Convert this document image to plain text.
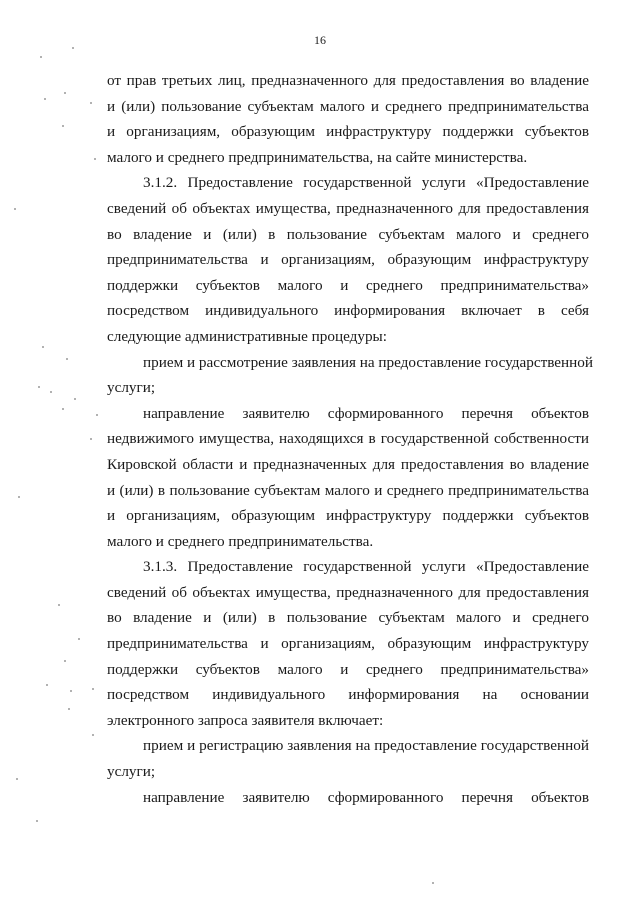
16
от прав третьих лиц, предназначенного для предоставления во владение
и (или) пользование субъектам малого и среднего предпринимательства
и организациям, образующим инфраструктуру поддержки субъектов
малого и среднего предпринимательства, на сайте министерства.
3.1.2. Предоставление государственной услуги «Предоставление
сведений об объектах имущества, предназначенного для предоставления
во владение и (или) в пользование субъектам малого и среднего
предпринимательства и организациям, образующим инфраструктуру
поддержки субъектов малого и среднего предпринимательства»
посредством индивидуального информирования включает в себя
следующие административные процедуры:
прием и рассмотрение заявления на предоставление государственной
услуги;
направление заявителю сформированного перечня объектов
недвижимого имущества, находящихся в государственной собственности
Кировской области и предназначенных для предоставления во владение
и (или) в пользование субъектам малого и среднего предпринимательства
и организациям, образующим инфраструктуру поддержки субъектов
малого и среднего предпринимательства.
3.1.3. Предоставление государственной услуги «Предоставление
сведений об объектах имущества, предназначенного для предоставления
во владение и (или) в пользование субъектам малого и среднего
предпринимательства и организациям, образующим инфраструктуру
поддержки субъектов малого и среднего предпринимательства»
посредством индивидуального информирования на основании
электронного запроса заявителя включает:
прием и регистрацию заявления на предоставление государственной
услуги;
направление заявителю сформированного перечня объектов
